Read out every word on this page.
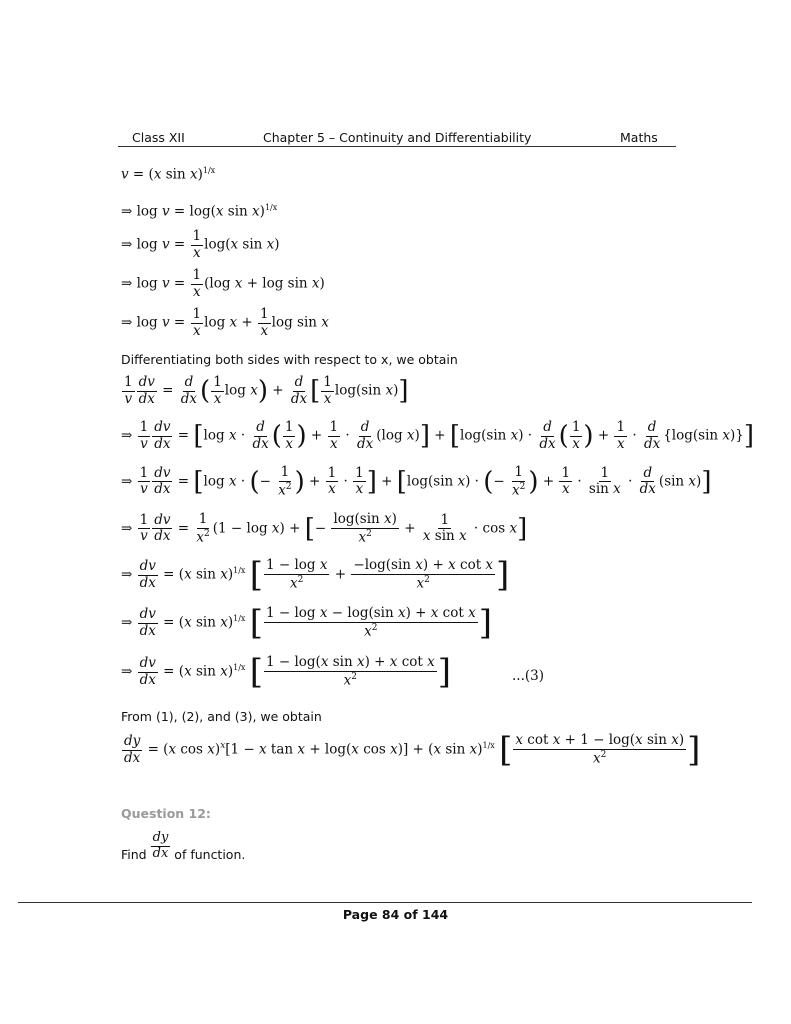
Class XII	Chapter 5 – Continuity and Differentiability	Maths
v = (x sin x)$^{1/x}$
⇒ log v = log(x sin x)$^{1/x}$
⇒ $\log v = \frac{1}{x} \log(x$ sin x)
⇒ $\log v = \frac{1}{x} (\log$ x + log sin x)
⇒ $\log v = \frac{1}{x}$ $\log x + \frac{1}{x}$ log sin x
Differentiating both sides with respect to x, we obtain
$\frac{1}{v} \frac{dv}{dx} = \frac{d}{dx}$ ( $\frac{1}{x}$ $\log x) + \frac{d}{dx}$ [ $\frac{1}{x} \log(\sin$ x)]
⇒ $\frac{1}{v} \frac{dv}{dx} = [\log$ $x \cdot \frac{d}{dx}$ ( $\frac{1}{x}$ ) + $\frac{1}{x} \cdot \frac{d}{dx} (\log$ x)] + [log(sin $x) \cdot \frac{d}{dx}$ ( $\frac{1}{x}$ ) + $\frac{1}{x} \cdot \frac{d}{dx} \{\log(\sin$ x)}]
⇒ $\frac{1}{v} \frac{dv}{dx} = [\log$ x · (− $\frac{1}{x^2}$ ) + $\frac{1}{x} \cdot \frac{1}{x}$ ] + [log(sin x) · (− $\frac{1}{x^2}$ ) + $\frac{1}{x} \cdot \frac{1}{\text{sin x}} \cdot \frac{d}{dx} (\sin$ x)]
⇒ $\frac{1}{v} \frac{dv}{dx} = \frac{1}{x^2} (1 - \log x)$ + [− $\frac{\text{log(sin x)}}{x^2} + \frac{1}{\text{x sin x}} \cdot \cos x$]
⇒ $\frac{dv}{dx} = (x$ sin x)$^{1/x}$ [ $\frac{\text{1 − log x}}{x^2} + \frac{\text{−log(sin x) + x cot x}}{x^2}$ ]
⇒ $\frac{dv}{dx} = (x$ sin x)$^{1/x}$ [ $\frac{\text{1 − log x − log(sin x) + x cot x}}{x^2}$ ]
⇒ $\frac{dv}{dx} = (x$ sin x)$^{1/x}$ [ $\frac{\text{1 − log(x sin x) + x cot x}}{x^2}$ ]	...(3)
From (1), (2), and (3), we obtain
$\frac{dy}{dx} = (x$ cos x)$^x$[1 − x tan x + log(x cos x)] + (x sin x)$^{1/x}$ [ $\frac{\text{x cot x + 1 − log(x sin x)}}{x^2}$ ]
Question 12:
Find $\frac{dy}{dx}$ of function.
Page 84 of 144
